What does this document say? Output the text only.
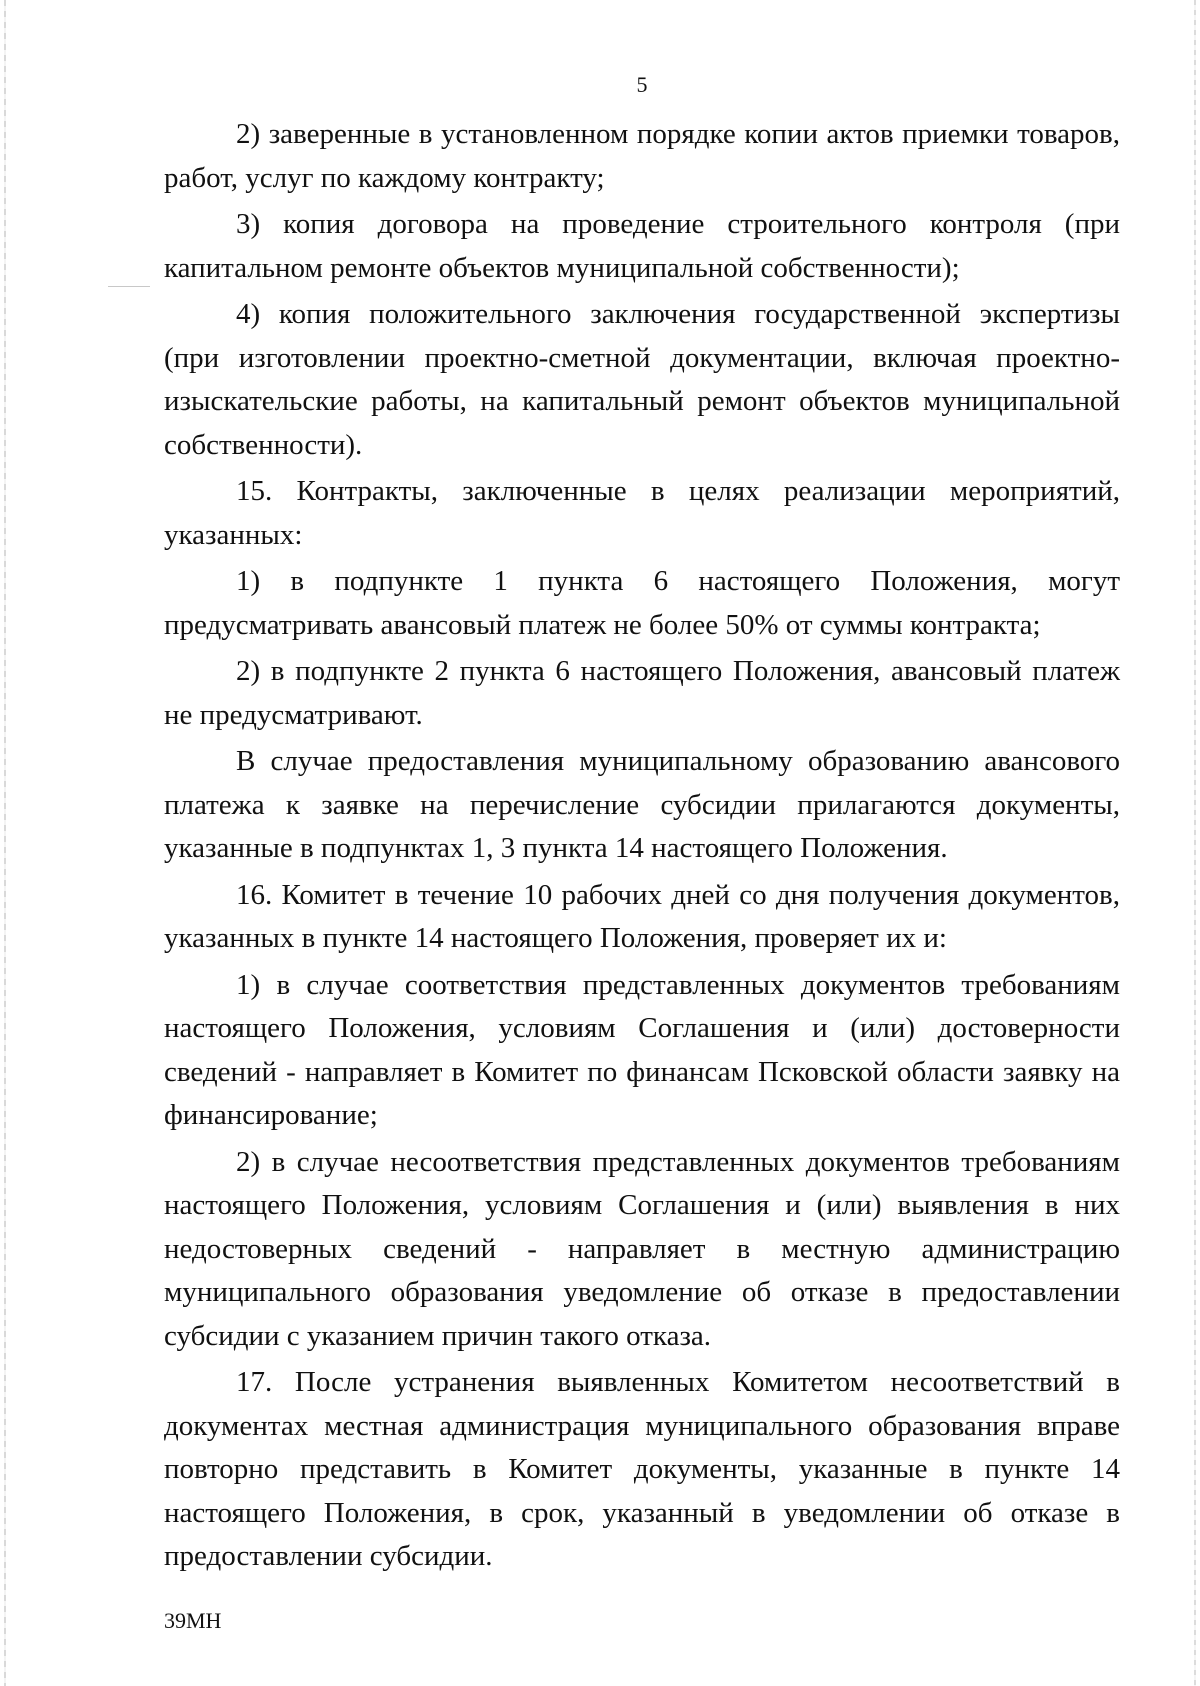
5

2) заверенные в установленном порядке копии актов приемки товаров, работ, услуг по каждому контракту;

3) копия договора на проведение строительного контроля (при капитальном ремонте объектов муниципальной собственности);

4) копия положительного заключения государственной экспертизы (при изготовлении проектно-сметной документации, включая проектно-изыскательские работы, на капитальный ремонт объектов муниципальной собственности).

15. Контракты, заключенные в целях реализации мероприятий, указанных:

1) в подпункте 1 пункта 6 настоящего Положения, могут предусматривать авансовый платеж не более 50% от суммы контракта;

2) в подпункте 2 пункта 6 настоящего Положения, авансовый платеж не предусматривают.

В случае предоставления муниципальному образованию авансового платежа к заявке на перечисление субсидии прилагаются документы, указанные в подпунктах 1, 3 пункта 14 настоящего Положения.

16. Комитет в течение 10 рабочих дней со дня получения документов, указанных в пункте 14 настоящего Положения, проверяет их и:

1) в случае соответствия представленных документов требованиям настоящего Положения, условиям Соглашения и (или) достоверности сведений - направляет в Комитет по финансам Псковской области заявку на финансирование;

2) в случае несоответствия представленных документов требованиям настоящего Положения, условиям Соглашения и (или) выявления в них недостоверных сведений - направляет в местную администрацию муниципального образования уведомление об отказе в предоставлении субсидии с указанием причин такого отказа.

17. После устранения выявленных Комитетом несоответствий в документах местная администрация муниципального образования вправе повторно представить в Комитет документы, указанные в пункте 14 настоящего Положения, в срок, указанный в уведомлении об отказе в предоставлении субсидии.

39МН
